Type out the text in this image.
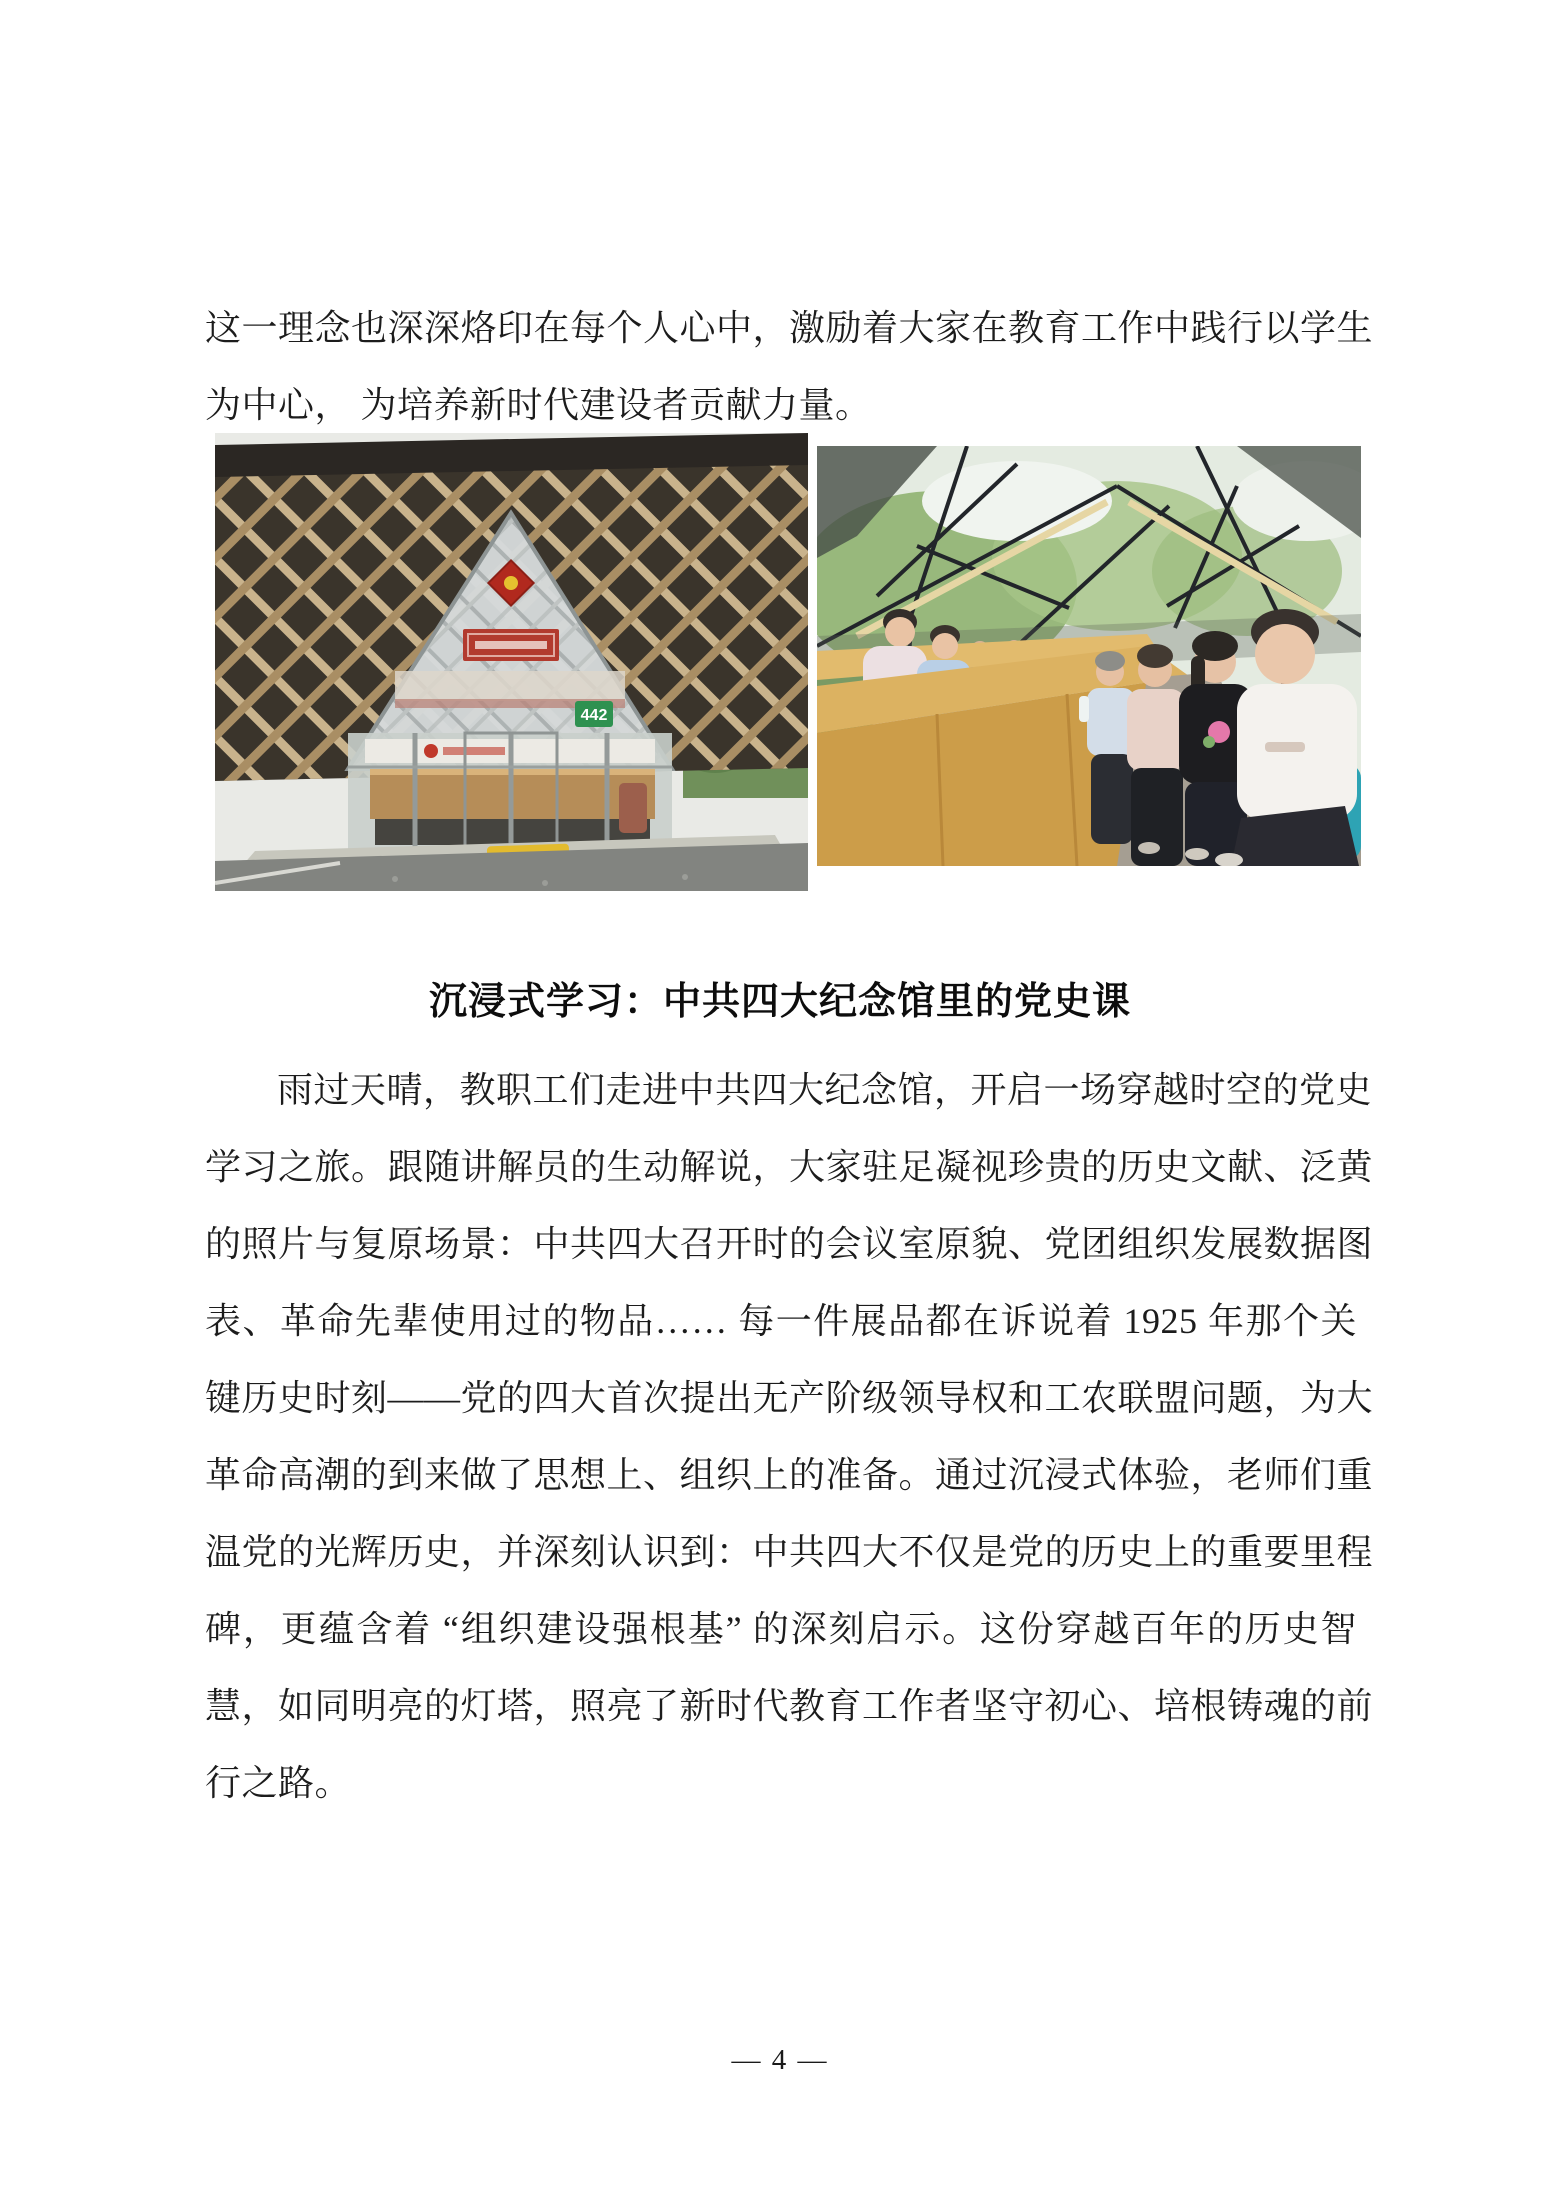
这一理念也深深烙印在每个人心中，激励着大家在教育工作中践行以学生
为中心， 为培养新时代建设者贡献力量。
442
沉浸式学习：中共四大纪念馆里的党史课
雨过天晴，教职工们走进中共四大纪念馆，开启一场穿越时空的党史
学习之旅。跟随讲解员的生动解说，大家驻足凝视珍贵的历史文献、泛黄
的照片与复原场景：中共四大召开时的会议室原貌、党团组织发展数据图
表、革命先辈使用过的物品…… 每一件展品都在诉说着 1925 年那个关
键历史时刻——党的四大首次提出无产阶级领导权和工农联盟问题，为大
革命高潮的到来做了思想上、组织上的准备。通过沉浸式体验，老师们重
温党的光辉历史，并深刻认识到：中共四大不仅是党的历史上的重要里程
碑，更蕴含着 “组织建设强根基” 的深刻启示。这份穿越百年的历史智
慧，如同明亮的灯塔，照亮了新时代教育工作者坚守初心、培根铸魂的前
行之路。
— 4 —
